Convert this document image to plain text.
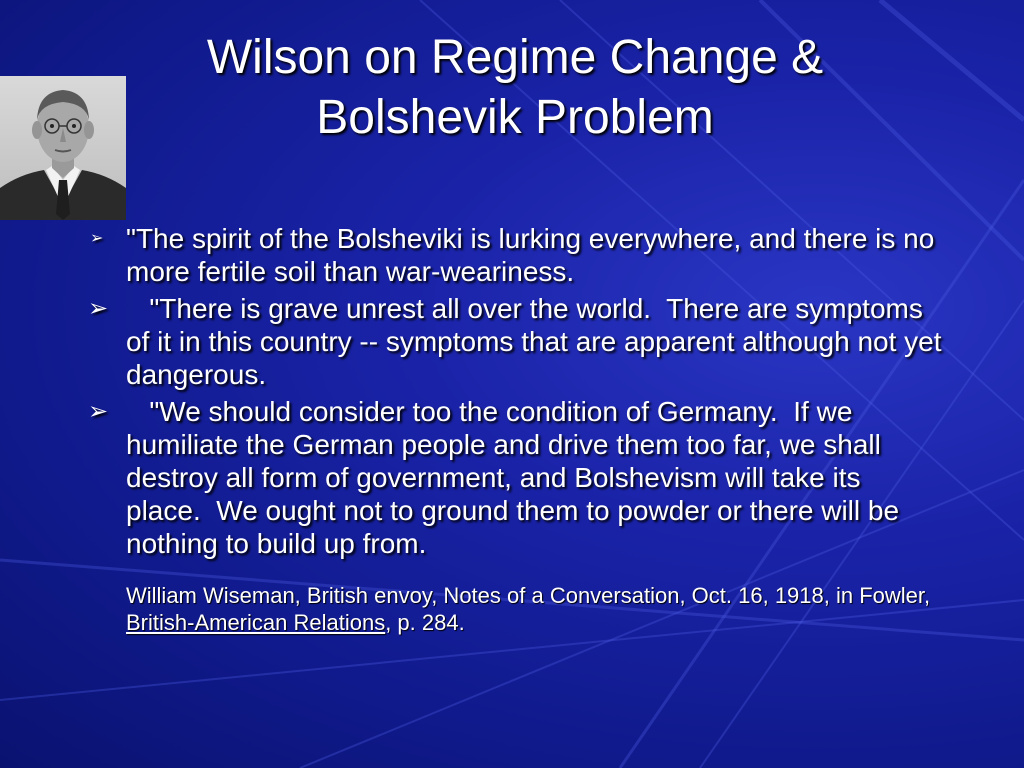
Wilson on Regime Change & Bolshevik Problem
➢ "The spirit of the Bolsheviki is lurking everywhere, and there is no more fertile soil than war-weariness.
➢ "There is grave unrest all over the world.  There are symptoms of it in this country -- symptoms that are apparent although not yet dangerous.
➢ "We should consider too the condition of Germany.  If we humiliate the German people and drive them too far, we shall destroy all form of government, and Bolshevism will take its place.  We ought not to ground them to powder or there will be nothing to build up from.
William Wiseman, British envoy, Notes of a Conversation, Oct. 16, 1918, in Fowler, British-American Relations, p. 284.
